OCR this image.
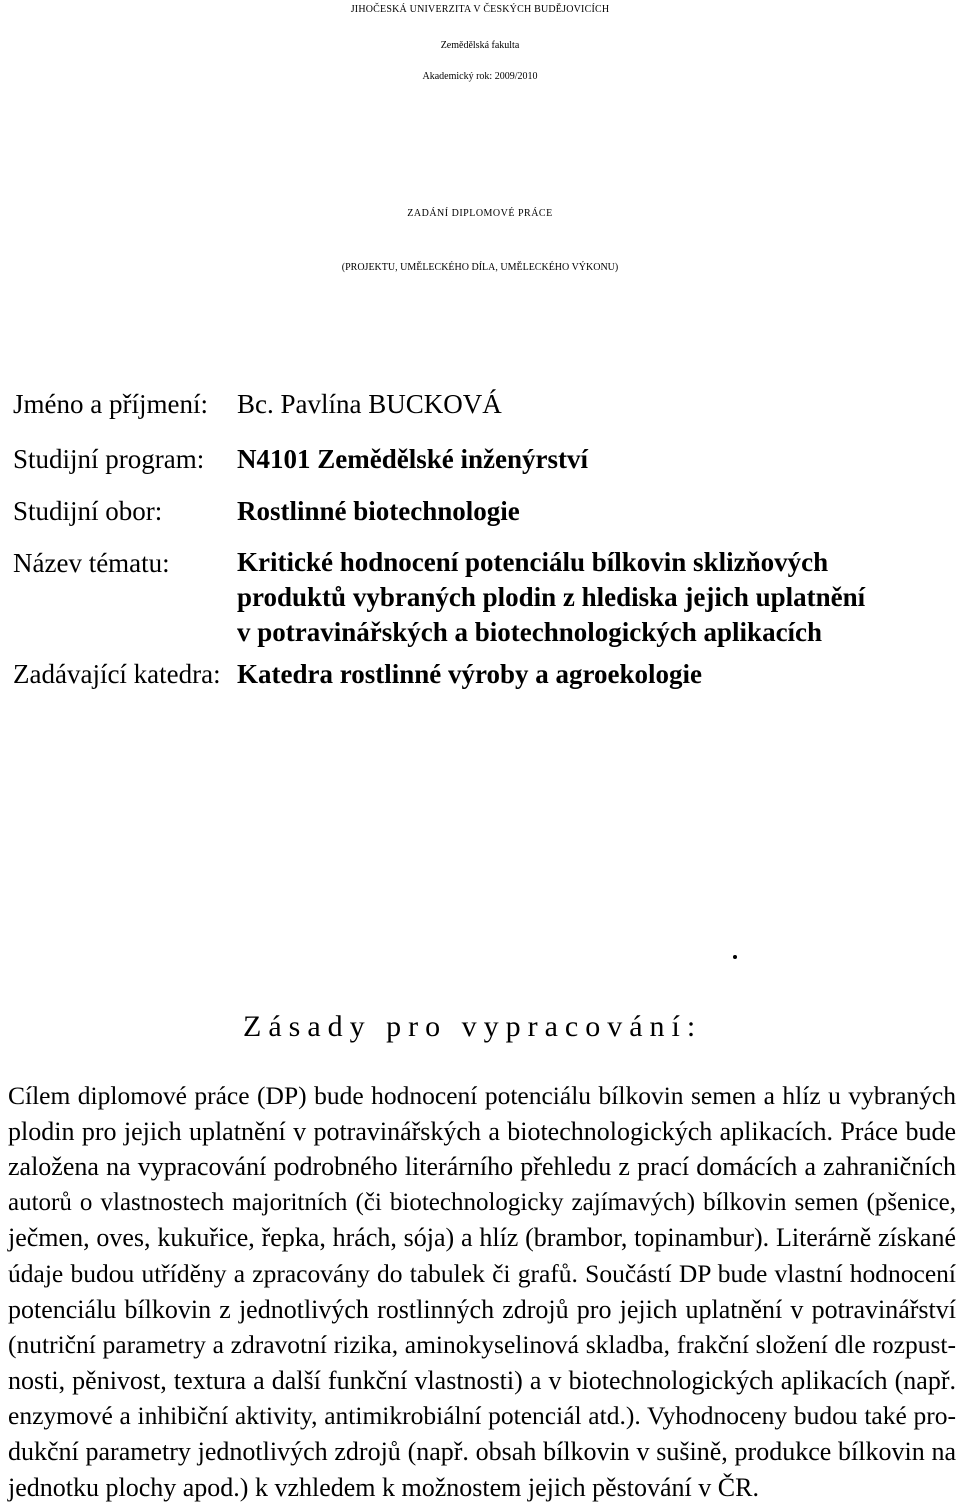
JIHOČESKÁ UNIVERZITA V ČESKÝCH BUDĚJOVICÍCH
Zemědělská fakulta
Akademický rok: 2009/2010
ZADÁNÍ DIPLOMOVÉ PRÁCE
(PROJEKTU, UMĚLECKÉHO DÍLA, UMĚLECKÉHO VÝKONU)
Jméno a příjmení: Bc. Pavlína BUCKOVÁ
Studijní program: N4101 Zemědělské inženýrství
Studijní obor:	Rostlinné biotechnologie
Název tématu: Kritické hodnocení potenciálu bílkovin sklizňových
produktů vybraných plodin z hlediska jejich uplatnění
v potravinářských a biotechnologických aplikacích
Zadávající katedra: Katedra rostlinné výroby a agroekologie
Zásady pro vypracování:
Cílem diplomové práce (DP) bude hodnocení potenciálu bílkovin semen a hlíz u vybraných
plodin pro jejich uplatnění v potravinářských a biotechnologických aplikacích. Práce bude
založena na vypracování podrobného literárního přehledu z prací domácích a zahraničních
autorů o vlastnostech majoritních (či biotechnologicky zajímavých) bílkovin semen (pšenice,
ječmen, oves, kukuřice, řepka, hrách, sója) a hlíz (brambor, topinambur). Literárně získané
údaje budou utříděny a zpracovány do tabulek či grafů. Součástí DP bude vlastní hodnocení
potenciálu bílkovin z jednotlivých rostlinných zdrojů pro jejich uplatnění v potravinářství
(nutriční parametry a zdravotní rizika, aminokyselinová skladba, frakční složení dle rozpust-
nosti, pěnivost, textura a další funkční vlastnosti) a v biotechnologických aplikacích (např.
enzymové a inhibiční aktivity, antimikrobiální potenciál atd.). Vyhodnoceny budou také pro-
dukční parametry jednotlivých zdrojů (např. obsah bílkovin v sušině, produkce bílkovin na
jednotku plochy apod.) k vzhledem k možnostem jejich pěstování v ČR.
